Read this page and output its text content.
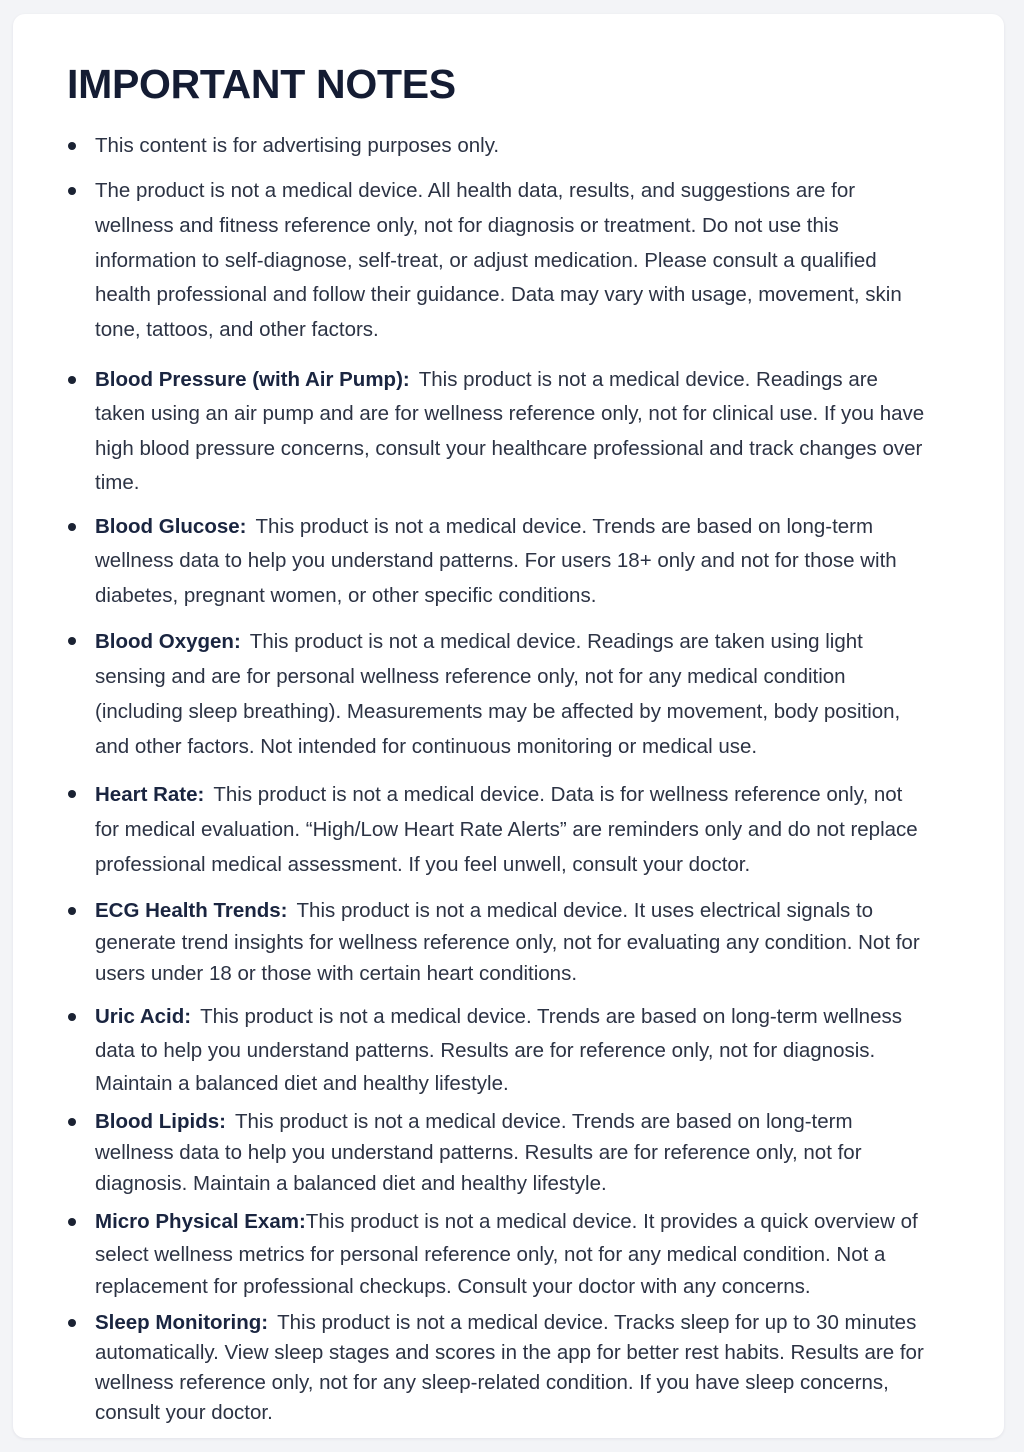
IMPORTANT NOTES
This content is for advertising purposes only.
The product is not a medical device. All health data, results, and suggestions are for wellness and fitness reference only, not for diagnosis or treatment. Do not use this information to self-diagnose, self-treat, or adjust medication. Please consult a qualified health professional and follow their guidance. Data may vary with usage, movement, skin tone, tattoos, and other factors.
Blood Pressure (with Air Pump): This product is not a medical device. Readings are taken using an air pump and are for wellness reference only, not for clinical use. If you have high blood pressure concerns, consult your healthcare professional and track changes over time.
Blood Glucose: This product is not a medical device. Trends are based on long-term wellness data to help you understand patterns. For users 18+ only and not for those with diabetes, pregnant women, or other specific conditions.
Blood Oxygen: This product is not a medical device. Readings are taken using light sensing and are for personal wellness reference only, not for any medical condition (including sleep breathing). Measurements may be affected by movement, body position, and other factors. Not intended for continuous monitoring or medical use.
Heart Rate: This product is not a medical device. Data is for wellness reference only, not for medical evaluation. “High/Low Heart Rate Alerts” are reminders only and do not replace professional medical assessment. If you feel unwell, consult your doctor.
ECG Health Trends: This product is not a medical device. It uses electrical signals to generate trend insights for wellness reference only, not for evaluating any condition. Not for users under 18 or those with certain heart conditions.
Uric Acid: This product is not a medical device. Trends are based on long-term wellness data to help you understand patterns. Results are for reference only, not for diagnosis. Maintain a balanced diet and healthy lifestyle.
Blood Lipids: This product is not a medical device. Trends are based on long-term wellness data to help you understand patterns. Results are for reference only, not for diagnosis. Maintain a balanced diet and healthy lifestyle.
Micro Physical Exam:This product is not a medical device. It provides a quick overview of select wellness metrics for personal reference only, not for any medical condition. Not a replacement for professional checkups. Consult your doctor with any concerns.
Sleep Monitoring: This product is not a medical device. Tracks sleep for up to 30 minutes automatically. View sleep stages and scores in the app for better rest habits. Results are for wellness reference only, not for any sleep-related condition. If you have sleep concerns, consult your doctor.
